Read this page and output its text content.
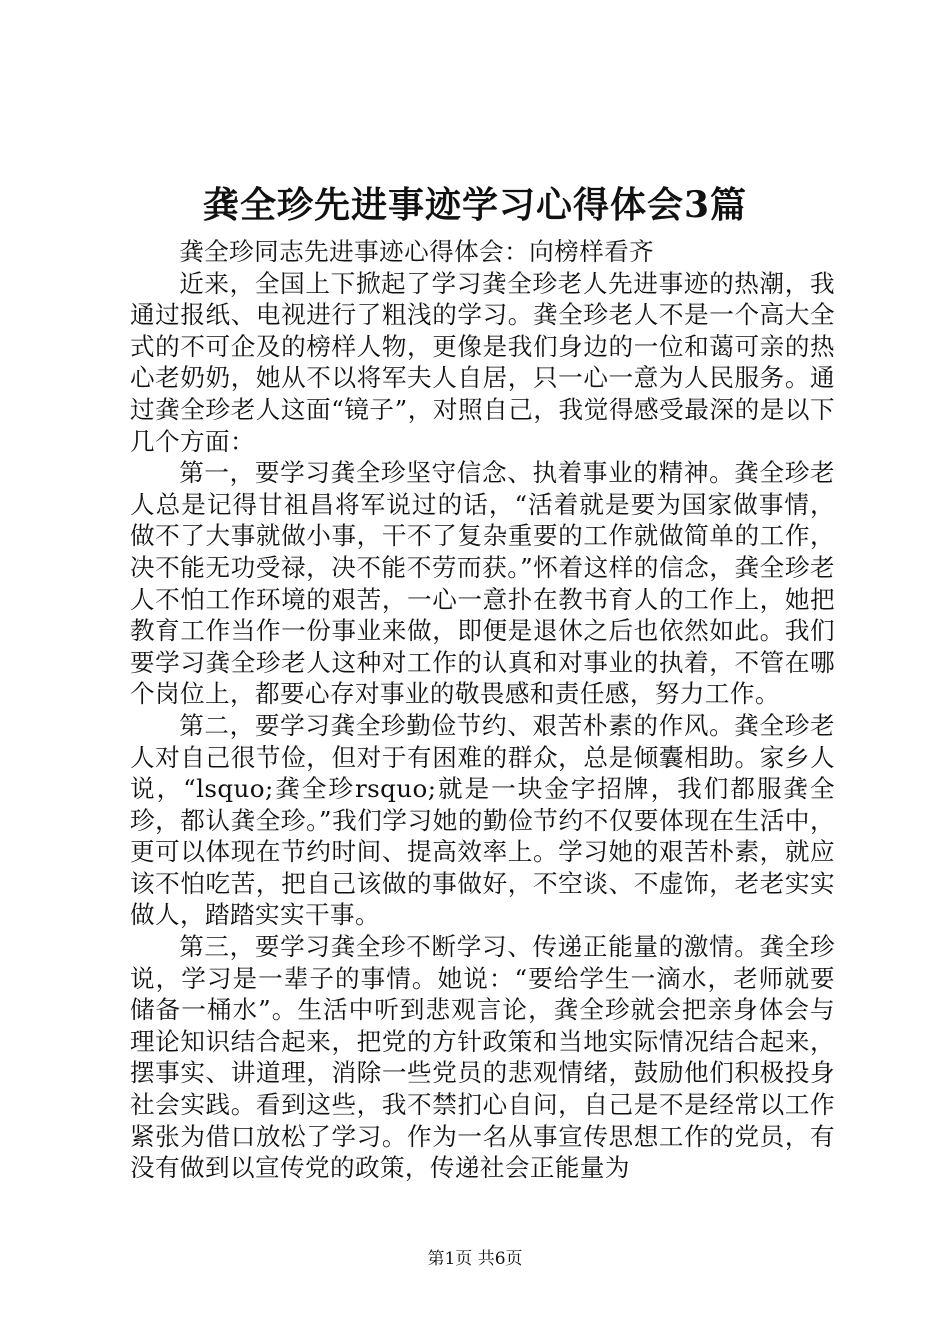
龚全珍先进事迹学习心得体会3篇

龚全珍同志先进事迹心得体会：向榜样看齐

近来，全国上下掀起了学习龚全珍老人先进事迹的热潮，我通过报纸、电视进行了粗浅的学习。龚全珍老人不是一个高大全式的不可企及的榜样人物，更像是我们身边的一位和蔼可亲的热心老奶奶，她从不以将军夫人自居，只一心一意为人民服务。通过龚全珍老人这面“镜子”，对照自己，我觉得感受最深的是以下几个方面：

第一，要学习龚全珍坚守信念、执着事业的精神。龚全珍老人总是记得甘祖昌将军说过的话，“活着就是要为国家做事情，做不了大事就做小事，干不了复杂重要的工作就做简单的工作，决不能无功受禄，决不能不劳而获。”怀着这样的信念，龚全珍老人不怕工作环境的艰苦，一心一意扑在教书育人的工作上，她把教育工作当作一份事业来做，即便是退休之后也依然如此。我们要学习龚全珍老人这种对工作的认真和对事业的执着，不管在哪个岗位上，都要心存对事业的敬畏感和责任感，努力工作。

第二，要学习龚全珍勤俭节约、艰苦朴素的作风。龚全珍老人对自己很节俭，但对于有困难的群众，总是倾囊相助。家乡人说，“lsquo;龚全珍rsquo;就是一块金字招牌，我们都服龚全珍，都认龚全珍。”我们学习她的勤俭节约不仅要体现在生活中，更可以体现在节约时间、提高效率上。学习她的艰苦朴素，就应该不怕吃苦，把自己该做的事做好，不空谈、不虚饰，老老实实做人，踏踏实实干事。

第三，要学习龚全珍不断学习、传递正能量的激情。龚全珍说，学习是一辈子的事情。她说：“要给学生一滴水，老师就要储备一桶水”。生活中听到悲观言论，龚全珍就会把亲身体会与理论知识结合起来，把党的方针政策和当地实际情况结合起来，摆事实、讲道理，消除一些党员的悲观情绪，鼓励他们积极投身社会实践。看到这些，我不禁扪心自问，自己是不是经常以工作紧张为借口放松了学习。作为一名从事宣传思想工作的党员，有没有做到以宣传党的政策，传递社会正能量为

第1页 共6页
